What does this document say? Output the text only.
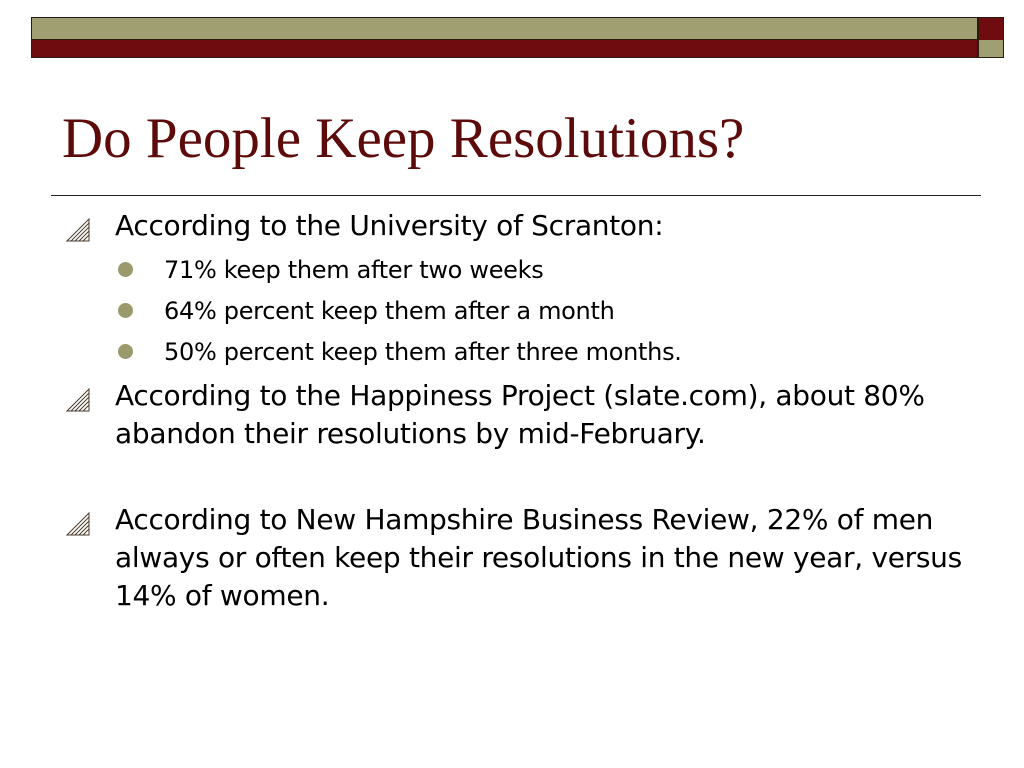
Do People Keep Resolutions?
According to the University of Scranton:
71% keep them after two weeks
64% percent keep them after a month
50% percent keep them after three months.
According to the Happiness Project (slate.com), about 80% abandon their resolutions by mid-February.
According to New Hampshire Business Review, 22% of men always or often keep their resolutions in the new year, versus 14% of women.
